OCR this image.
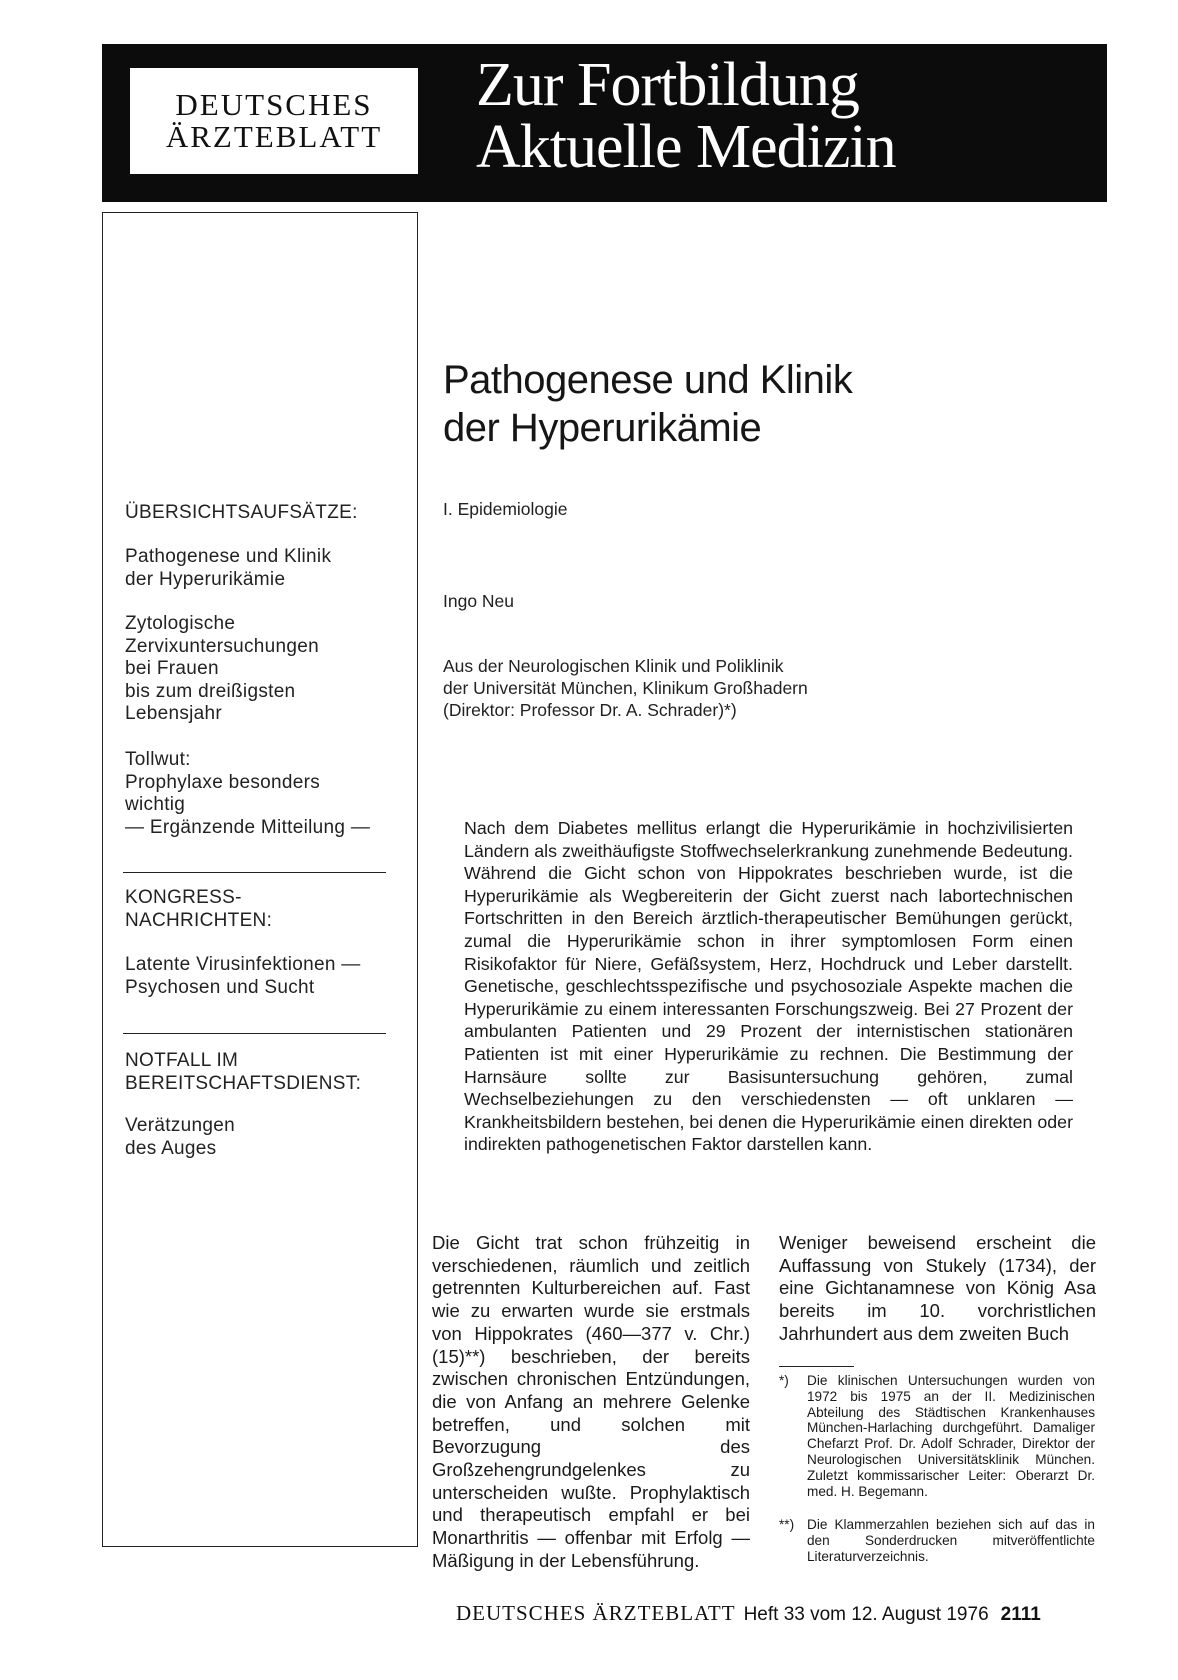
DEUTSCHES
ÄRZTEBLATT
Zur Fortbildung
Aktuelle Medizin
ÜBERSICHTSAUFSÄTZE:
Pathogenese und Klinik
der Hyperurikämie
Zytologische
Zervixuntersuchungen
bei Frauen
bis zum dreißigsten
Lebensjahr
Tollwut:
Prophylaxe besonders
wichtig
— Ergänzende Mitteilung —
KONGRESS-
NACHRICHTEN:
Latente Virusinfektionen —
Psychosen und Sucht
NOTFALL IM
BEREITSCHAFTSDIENST:
Verätzungen
des Auges
Pathogenese und Klinik
der Hyperurikämie
I. Epidemiologie
Ingo Neu
Aus der Neurologischen Klinik und Poliklinik
der Universität München, Klinikum Großhadern
(Direktor: Professor Dr. A. Schrader)*)
Nach dem Diabetes mellitus erlangt die Hyperurikämie in hochzivilisierten Ländern als zweithäufigste Stoffwechselerkrankung zunehmende Bedeutung. Während die Gicht schon von Hippokrates beschrieben wurde, ist die Hyperurikämie als Wegbereiterin der Gicht zuerst nach labortechnischen Fortschritten in den Bereich ärztlich-therapeutischer Bemühungen gerückt, zumal die Hyperurikämie schon in ihrer symptomlosen Form einen Risikofaktor für Niere, Gefäßsystem, Herz, Hochdruck und Leber darstellt. Genetische, geschlechtsspezifische und psychosoziale Aspekte machen die Hyperurikämie zu einem interessanten Forschungszweig. Bei 27 Prozent der ambulanten Patienten und 29 Prozent der internistischen stationären Patienten ist mit einer Hyperurikämie zu rechnen. Die Bestimmung der Harnsäure sollte zur Basisuntersuchung gehören, zumal Wechselbeziehungen zu den verschiedensten — oft unklaren — Krankheitsbildern bestehen, bei denen die Hyperurikämie einen direkten oder indirekten pathogenetischen Faktor darstellen kann.
Die Gicht trat schon frühzeitig in verschiedenen, räumlich und zeitlich getrennten Kulturbereichen auf. Fast wie zu erwarten wurde sie erstmals von Hippokrates (460—377 v. Chr.) (15)**) beschrieben, der bereits zwischen chronischen Entzündungen, die von Anfang an mehrere Gelenke betreffen, und solchen mit Bevorzugung des Großzehengrundgelenkes zu unterscheiden wußte. Prophylaktisch und therapeutisch empfahl er bei Monarthritis — offenbar mit Erfolg — Mäßigung in der Lebensführung.
Weniger beweisend erscheint die Auffassung von Stukely (1734), der eine Gichtanamnese von König Asa bereits im 10. vorchristlichen Jahrhundert aus dem zweiten Buch
*) Die klinischen Untersuchungen wurden von 1972 bis 1975 an der II. Medizinischen Abteilung des Städtischen Krankenhauses München-Harlaching durchgeführt. Damaliger Chefarzt Prof. Dr. Adolf Schrader, Direktor der Neurologischen Universitätsklinik München. Zuletzt kommissarischer Leiter: Oberarzt Dr. med. H. Begemann.
**) Die Klammerzahlen beziehen sich auf das in den Sonderdrucken mitveröffentlichte Literaturverzeichnis.
DEUTSCHES ÄRZTEBLATT Heft 33 vom 12. August 1976 2111
